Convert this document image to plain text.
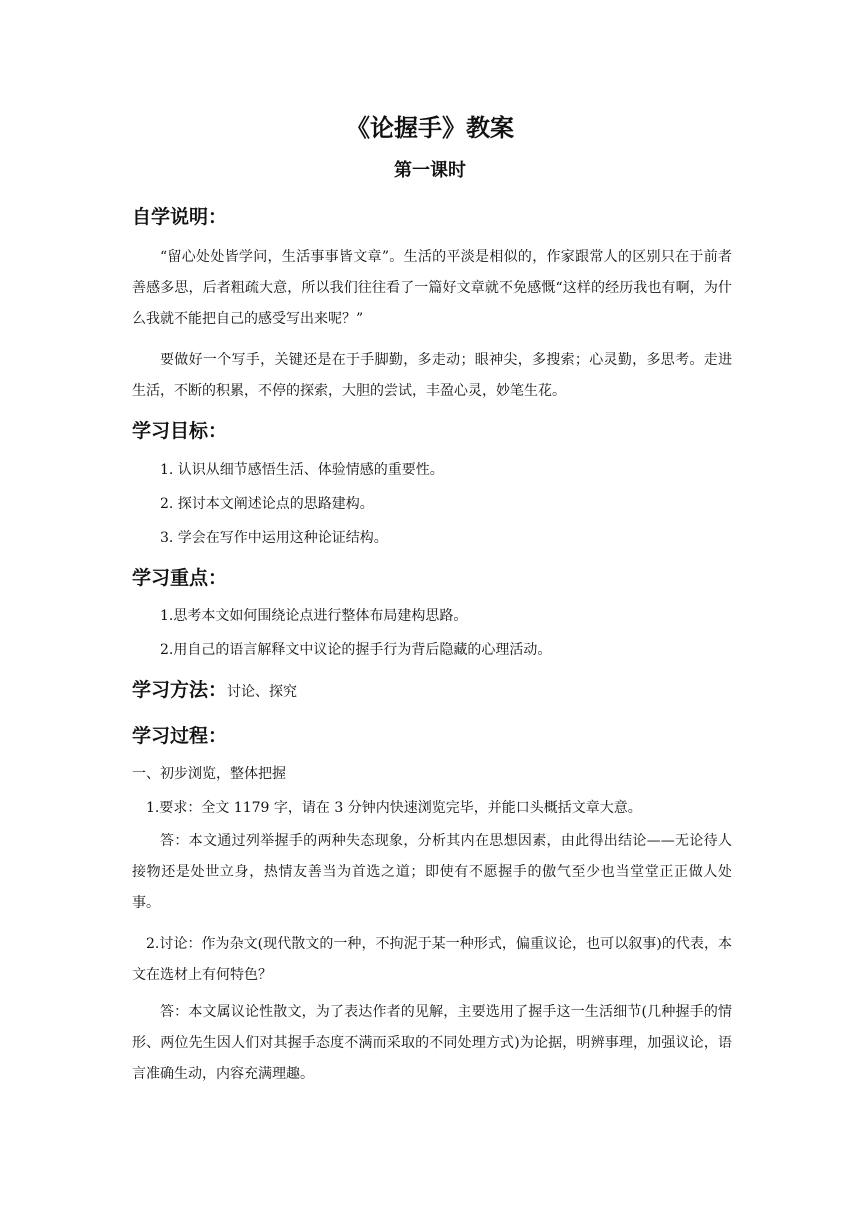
《论握手》教案
第一课时
自学说明：
“留心处处皆学问，生活事事皆文章”。生活的平淡是相似的，作家跟常人的区别只在于前者善感多思，后者粗疏大意，所以我们往往看了一篇好文章就不免感慨“这样的经历我也有啊，为什么我就不能把自己的感受写出来呢？”
要做好一个写手，关键还是在于手脚勤，多走动；眼神尖，多搜索；心灵勤，多思考。走进生活，不断的积累，不停的探索，大胆的尝试，丰盈心灵，妙笔生花。
学习目标：
1. 认识从细节感悟生活、体验情感的重要性。
2. 探讨本文阐述论点的思路建构。
3. 学会在写作中运用这种论证结构。
学习重点：
1.思考本文如何围绕论点进行整体布局建构思路。
2.用自己的语言解释文中议论的握手行为背后隐藏的心理活动。
学习方法：讨论、探究
学习过程：
一、初步浏览，整体把握
1.要求：全文 1179 字，请在 3 分钟内快速浏览完毕，并能口头概括文章大意。
答：本文通过列举握手的两种失态现象，分析其内在思想因素，由此得出结论——无论待人接物还是处世立身，热情友善当为首选之道；即使有不愿握手的傲气至少也当堂堂正正做人处事。
2.讨论：作为杂文(现代散文的一种，不拘泥于某一种形式，偏重议论，也可以叙事)的代表，本文在选材上有何特色？
答：本文属议论性散文，为了表达作者的见解，主要选用了握手这一生活细节(几种握手的情形、两位先生因人们对其握手态度不满而采取的不同处理方式)为论据，明辨事理，加强议论，语言准确生动，内容充满理趣。
